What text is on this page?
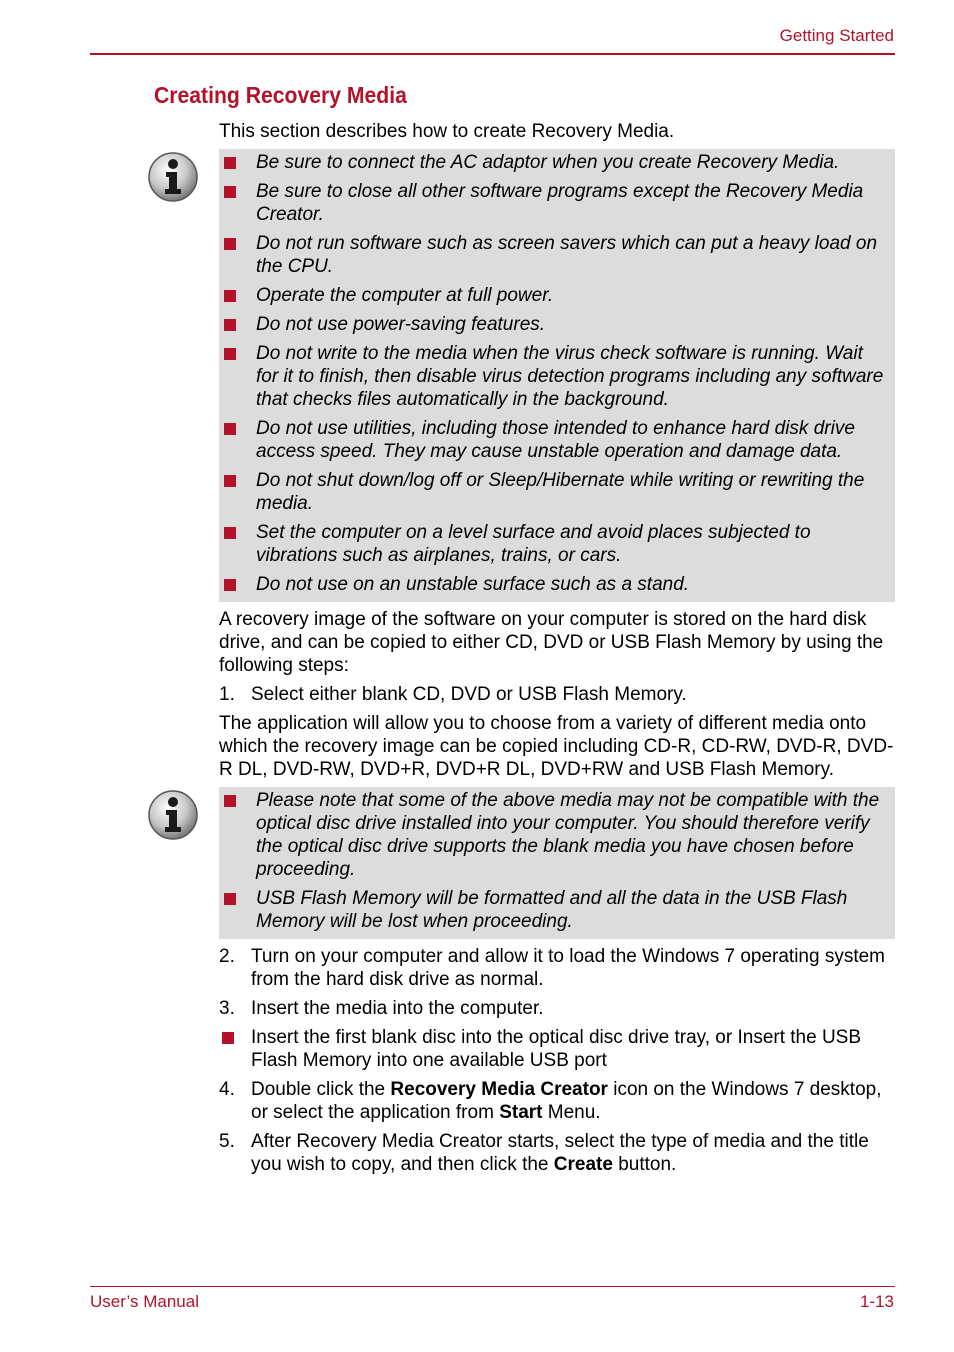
Getting Started
Creating Recovery Media

This section describes how to create Recovery Media.

Be sure to connect the AC adaptor when you create Recovery Media.
Be sure to close all other software programs except the Recovery Media Creator.
Do not run software such as screen savers which can put a heavy load on the CPU.
Operate the computer at full power.
Do not use power-saving features.
Do not write to the media when the virus check software is running. Wait for it to finish, then disable virus detection programs including any software that checks files automatically in the background.
Do not use utilities, including those intended to enhance hard disk drive access speed. They may cause unstable operation and damage data.
Do not shut down/log off or Sleep/Hibernate while writing or rewriting the media.
Set the computer on a level surface and avoid places subjected to vibrations such as airplanes, trains, or cars.
Do not use on an unstable surface such as a stand.

A recovery image of the software on your computer is stored on the hard disk drive, and can be copied to either CD, DVD or USB Flash Memory by using the following steps:

1. Select either blank CD, DVD or USB Flash Memory.

The application will allow you to choose from a variety of different media onto which the recovery image can be copied including CD-R, CD-RW, DVD-R, DVD-R DL, DVD-RW, DVD+R, DVD+R DL, DVD+RW and USB Flash Memory.

Please note that some of the above media may not be compatible with the optical disc drive installed into your computer. You should therefore verify the optical disc drive supports the blank media you have chosen before proceeding.
USB Flash Memory will be formatted and all the data in the USB Flash Memory will be lost when proceeding.
2. Turn on your computer and allow it to load the Windows 7 operating system from the hard disk drive as normal.
3. Insert the media into the computer.
Insert the first blank disc into the optical disc drive tray, or Insert the USB Flash Memory into one available USB port
4. Double click the Recovery Media Creator icon on the Windows 7 desktop, or select the application from Start Menu.
5. After Recovery Media Creator starts, select the type of media and the title you wish to copy, and then click the Create button.
User’s Manual	1-13
